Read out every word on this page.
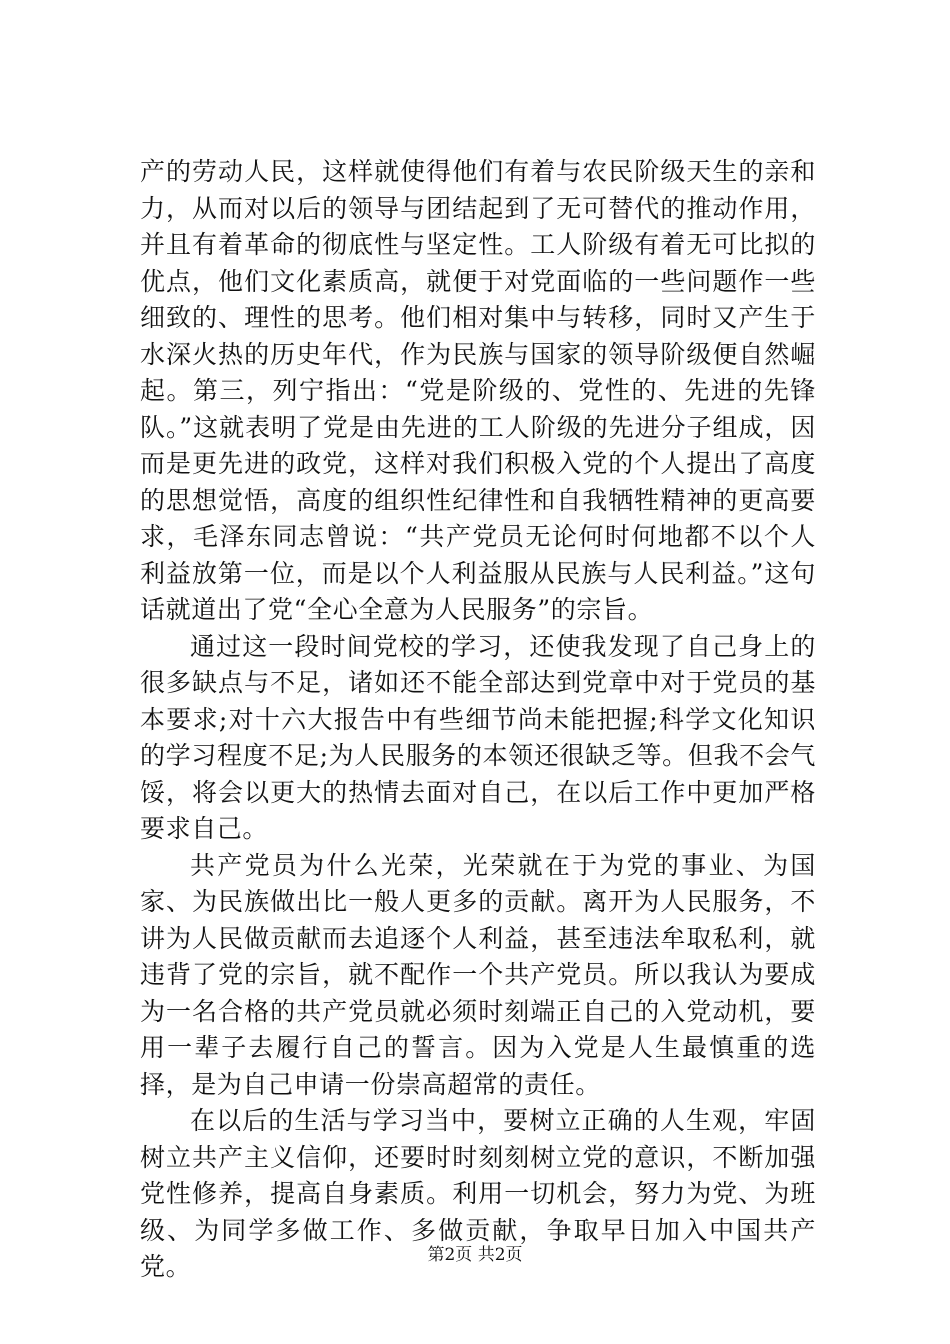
产的劳动人民，这样就使得他们有着与农民阶级天生的亲和力，从而对以后的领导与团结起到了无可替代的推动作用，并且有着革命的彻底性与坚定性。工人阶级有着无可比拟的优点，他们文化素质高，就便于对党面临的一些问题作一些细致的、理性的思考。他们相对集中与转移，同时又产生于水深火热的历史年代，作为民族与国家的领导阶级便自然崛起。第三，列宁指出：“党是阶级的、党性的、先进的先锋队。”这就表明了党是由先进的工人阶级的先进分子组成，因而是更先进的政党，这样对我们积极入党的个人提出了高度的思想觉悟，高度的组织性纪律性和自我牺牲精神的更高要求，毛泽东同志曾说：“共产党员无论何时何地都不以个人利益放第一位，而是以个人利益服从民族与人民利益。”这句话就道出了党“全心全意为人民服务”的宗旨。

通过这一段时间党校的学习，还使我发现了自己身上的很多缺点与不足，诸如还不能全部达到党章中对于党员的基本要求;对十六大报告中有些细节尚未能把握;科学文化知识的学习程度不足;为人民服务的本领还很缺乏等。但我不会气馁，将会以更大的热情去面对自己，在以后工作中更加严格要求自己。

共产党员为什么光荣，光荣就在于为党的事业、为国家、为民族做出比一般人更多的贡献。离开为人民服务，不讲为人民做贡献而去追逐个人利益，甚至违法牟取私利，就违背了党的宗旨，就不配作一个共产党员。所以我认为要成为一名合格的共产党员就必须时刻端正自己的入党动机，要用一辈子去履行自己的誓言。因为入党是人生最慎重的选择，是为自己申请一份崇高超常的责任。

在以后的生活与学习当中，要树立正确的人生观，牢固树立共产主义信仰，还要时时刻刻树立党的意识，不断加强党性修养，提高自身素质。利用一切机会，努力为党、为班级、为同学多做工作、多做贡献，争取早日加入中国共产党。	第2页 共2页
